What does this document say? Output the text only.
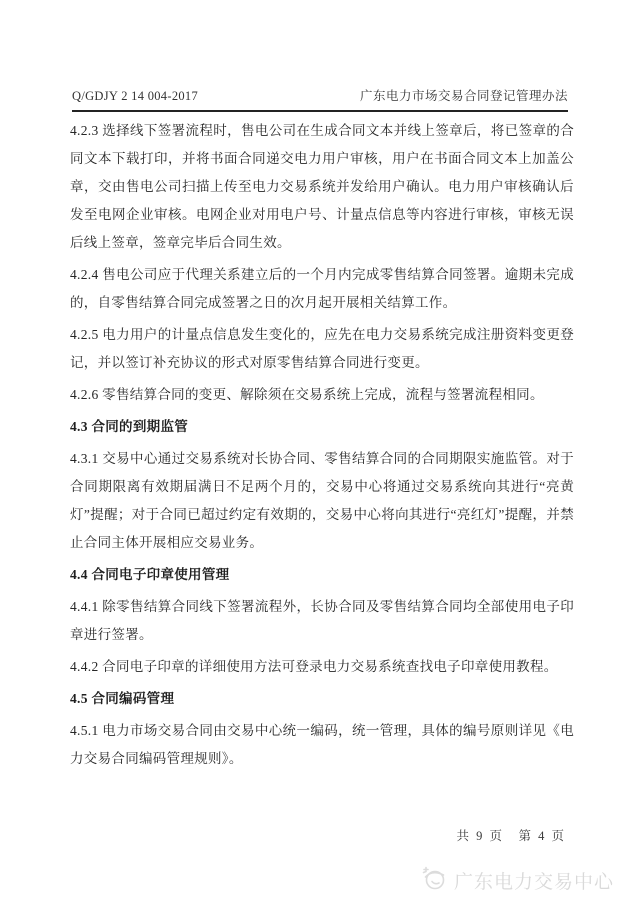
Q/GDJY 2 14 004-2017	广东电力市场交易合同登记管理办法

4.2.3 选择线下签署流程时，售电公司在生成合同文本并线上签章后，将已签章的合同文本下载打印，并将书面合同递交电力用户审核，用户在书面合同文本上加盖公章，交由售电公司扫描上传至电力交易系统并发给用户确认。电力用户审核确认后发至电网企业审核。电网企业对用电户号、计量点信息等内容进行审核，审核无误后线上签章，签章完毕后合同生效。

4.2.4 售电公司应于代理关系建立后的一个月内完成零售结算合同签署。逾期未完成的，自零售结算合同完成签署之日的次月起开展相关结算工作。

4.2.5 电力用户的计量点信息发生变化的，应先在电力交易系统完成注册资料变更登记，并以签订补充协议的形式对原零售结算合同进行变更。

4.2.6 零售结算合同的变更、解除须在交易系统上完成，流程与签署流程相同。

4.3 合同的到期监管

4.3.1 交易中心通过交易系统对长协合同、零售结算合同的合同期限实施监管。对于合同期限离有效期届满日不足两个月的，交易中心将通过交易系统向其进行“亮黄灯”提醒；对于合同已超过约定有效期的，交易中心将向其进行“亮红灯”提醒，并禁止合同主体开展相应交易业务。

4.4 合同电子印章使用管理

4.4.1 除零售结算合同线下签署流程外，长协合同及零售结算合同均全部使用电子印章进行签署。

4.4.2 合同电子印章的详细使用方法可登录电力交易系统查找电子印章使用教程。

4.5 合同编码管理

4.5.1 电力市场交易合同由交易中心统一编码，统一管理，具体的编号原则详见《电力交易合同编码管理规则》。

共 9 页　第 4 页
广东电力交易中心
